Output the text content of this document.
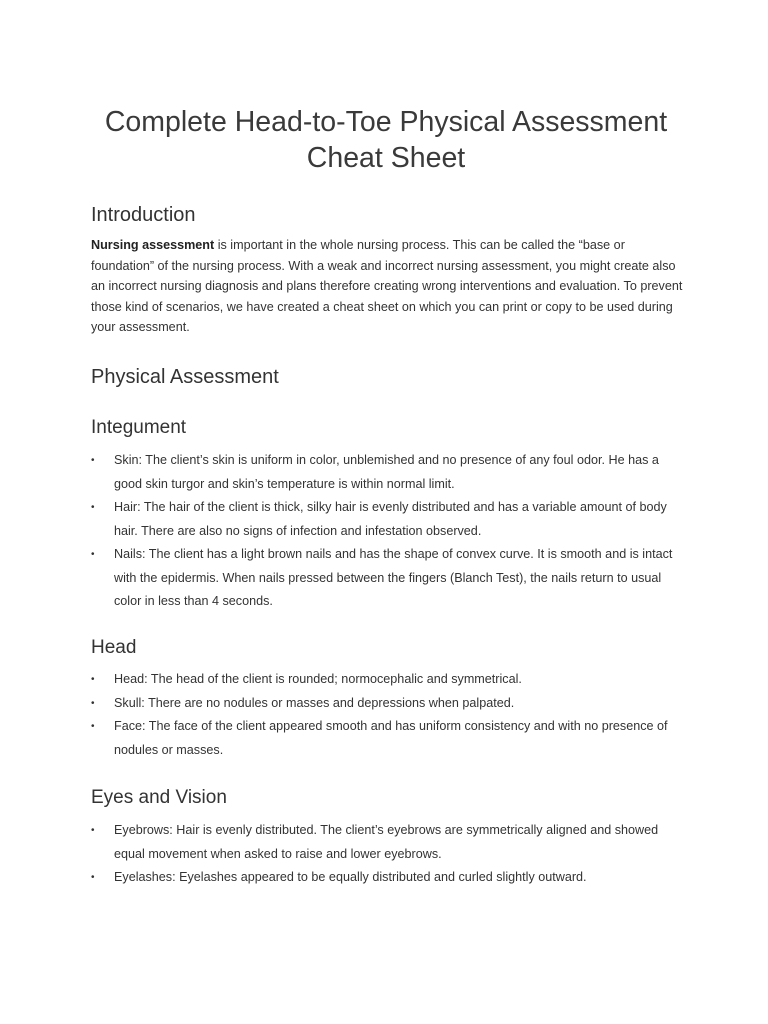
Complete Head-to-Toe Physical Assessment Cheat Sheet
Introduction

Nursing assessment is important in the whole nursing process. This can be called the “base or foundation” of the nursing process. With a weak and incorrect nursing assessment, you might create also an incorrect nursing diagnosis and plans therefore creating wrong interventions and evaluation. To prevent those kind of scenarios, we have created a cheat sheet on which you can print or copy to be used during your assessment.

Physical Assessment
Integument
• Skin: The client’s skin is uniform in color, unblemished and no presence of any foul odor. He has a good skin turgor and skin’s temperature is within normal limit.
• Hair: The hair of the client is thick, silky hair is evenly distributed and has a variable amount of body hair. There are also no signs of infection and infestation observed.
• Nails: The client has a light brown nails and has the shape of convex curve. It is smooth and is intact with the epidermis. When nails pressed between the fingers (Blanch Test), the nails return to usual color in less than 4 seconds.
Head
• Head: The head of the client is rounded; normocephalic and symmetrical.
• Skull: There are no nodules or masses and depressions when palpated.
• Face: The face of the client appeared smooth and has uniform consistency and with no presence of nodules or masses.
Eyes and Vision
• Eyebrows: Hair is evenly distributed. The client’s eyebrows are symmetrically aligned and showed equal movement when asked to raise and lower eyebrows.
• Eyelashes: Eyelashes appeared to be equally distributed and curled slightly outward.
